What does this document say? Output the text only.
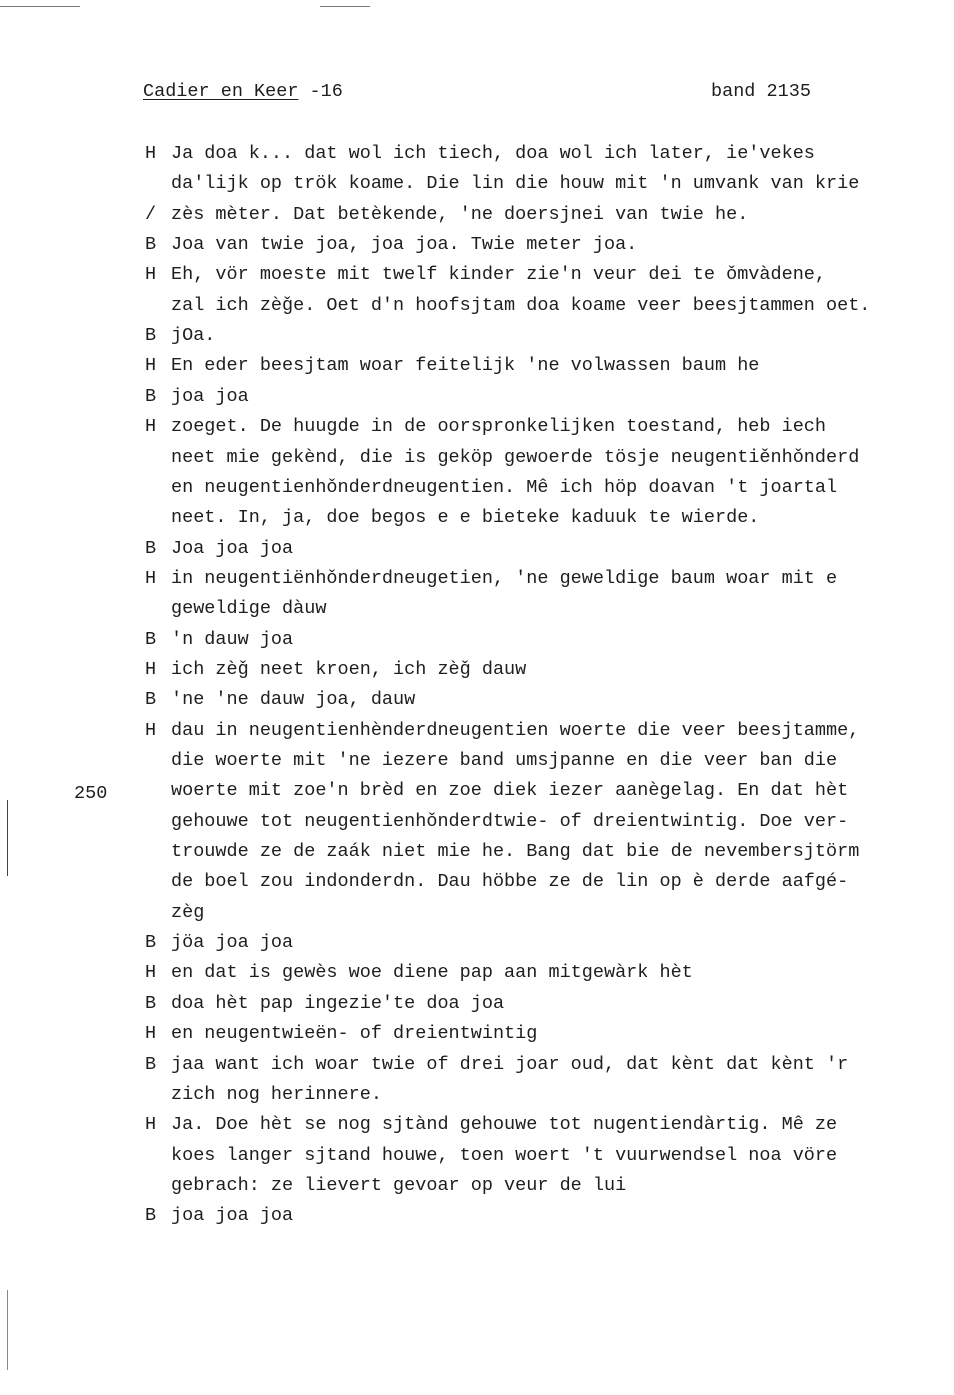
Cadier en Keer -16	band 2135
H Ja doa k... dat wol ich tiech, doa wol ich later, ie'vekes
da'lijk op trök koame. Die lin die houw mit 'n umvank van krie
zès mèter. Dat betèkende, 'ne doersjnei van twie he.
B Joa van twie joa, joa joa. Twie meter joa.
H Eh, vör moeste mit twelf kinder zie'n veur dei te ǒmvàdene,
zal ich zèǧe. Oet d'n hoofsjtam doa koame veer beesjtammen oet.
B jOa.
H En eder beesjtam woar feitelijk 'ne volwassen baum he
B joa joa
H zoeget. De huugde in de oorspronkelijken toestand, heb iech
neet mie gekènd, die is geköp gewoerde tösje neugentiěnhǒnderd
en neugentienhǒnderdneugentien. Mê ich höp doavan 't joartal
neet. In, ja, doe begos e e bieteke kaduuk te wierde.
B Joa joa joa
H in neugentiënhǒnderdneugetien, 'ne geweldige baum woar mit e
geweldige dàuw
B 'n dauw joa
H ich zèǧ neet kroen, ich zèǧ dauw
B 'ne 'ne dauw joa, dauw
H dau in neugentienhènderdneugentien woerte die veer beesjtamme,
die woerte mit 'ne iezere band umsjpanne en die veer ban die
woerte mit zoe'n brèd en zoe diek iezer aanègelag. En dat hèt
gehouwe tot neugentienhǒnderdtwie- of dreientwintig. Doe ver-
trouwde ze de zaák niet mie he. Bang dat bie de nevembersjtörm
de boel zou indonderdn. Dau höbbe ze de lin op è derde aafgé-
zèg
B jöa joa joa
H en dat is gewès woe diene pap aan mitgewàrk hèt
B doa hèt pap ingezie'te doa joa
H en neugentwieën- of dreientwintig
B jaa want ich woar twie of drei joar oud, dat kènt dat kènt 'r
zich nog herinnere.
H Ja. Doe hèt se nog sjtànd gehouwe tot nugentiendàrtig. Mê ze
koes langer sjtand houwe, toen woert 't vuurwendsel noa vöre
gebrach: ze lievert gevoar op veur de lui
B joa joa joa
250
/
